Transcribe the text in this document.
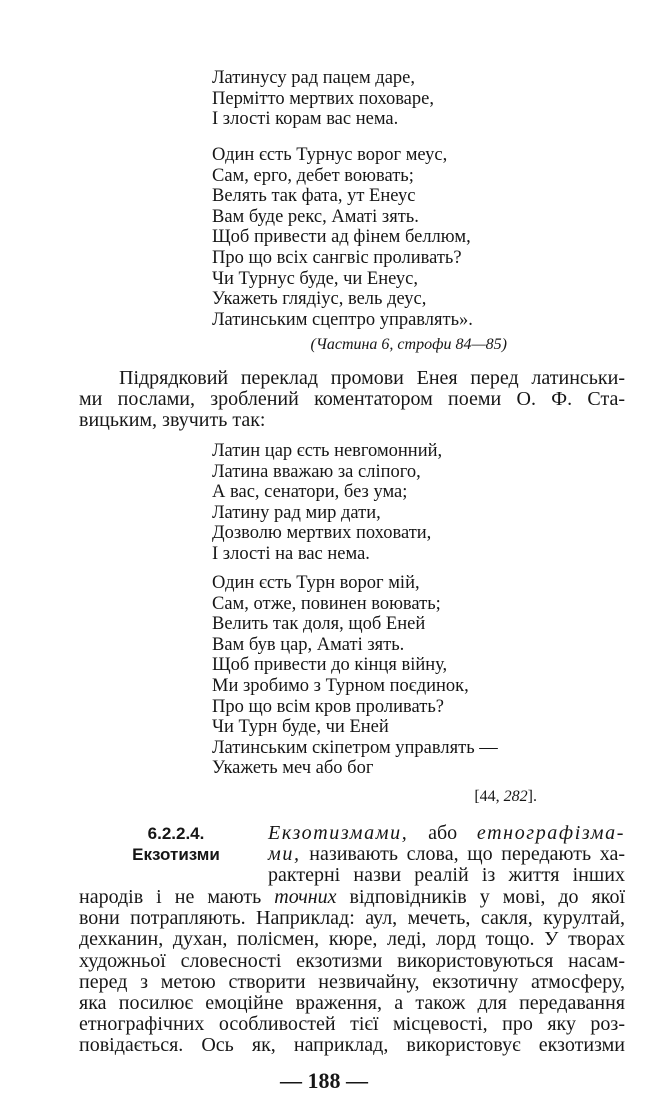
Латинусу рад пацем даре,
Пермітто мертвих поховаре,
І злості корам вас нема.
Один єсть Турнус ворог меус,
Сам, ерго, дебет воювать;
Велять так фата, ут Енеус
Вам буде рекс, Аматі зять.
Щоб привести ад фінем беллюм,
Про що всіх сангвіс проливать?
Чи Турнус буде, чи Енеус,
Укажеть глядіус, вель деус,
Латинським сцептро управлять».
(Частина 6, строфи 84—85)
Підрядковий переклад промови Енея перед латинськи-
ми послами, зроблений коментатором поеми О. Ф. Ста-
вицьким, звучить так:
Латин цар єсть невгомонний,
Латина вважаю за сліпого,
А вас, сенатори, без ума;
Латину рад мир дати,
Дозволю мертвих поховати,
І злості на вас нема.
Один єсть Турн ворог мій,
Сам, отже, повинен воювать;
Велить так доля, щоб Еней
Вам був цар, Аматі зять.
Щоб привести до кінця війну,
Ми зробимо з Турном поєдинок,
Про що всім кров проливать?
Чи Турн буде, чи Еней
Латинським скіпетром управлять —
Укажеть меч або бог
[44, 282].
6.2.2.4.
Екзотизми
Екзотизмами, або етнографізма-
ми, називають слова, що передають ха-
рактерні назви реалій із життя інших
народів і не мають точних відповідників у мові, до якої
вони потрапляють. Наприклад: аул, мечеть, сакля, курултай,
дехканин, духан, полісмен, кюре, леді, лорд тощо. У творах
художньої словесності екзотизми використовуються насам-
перед з метою створити незвичайну, екзотичну атмосферу,
яка посилює емоційне враження, а також для передавання
етнографічних особливостей тієї місцевості, про яку роз-
повідається. Ось як, наприклад, використовує екзотизми
— 188 —
